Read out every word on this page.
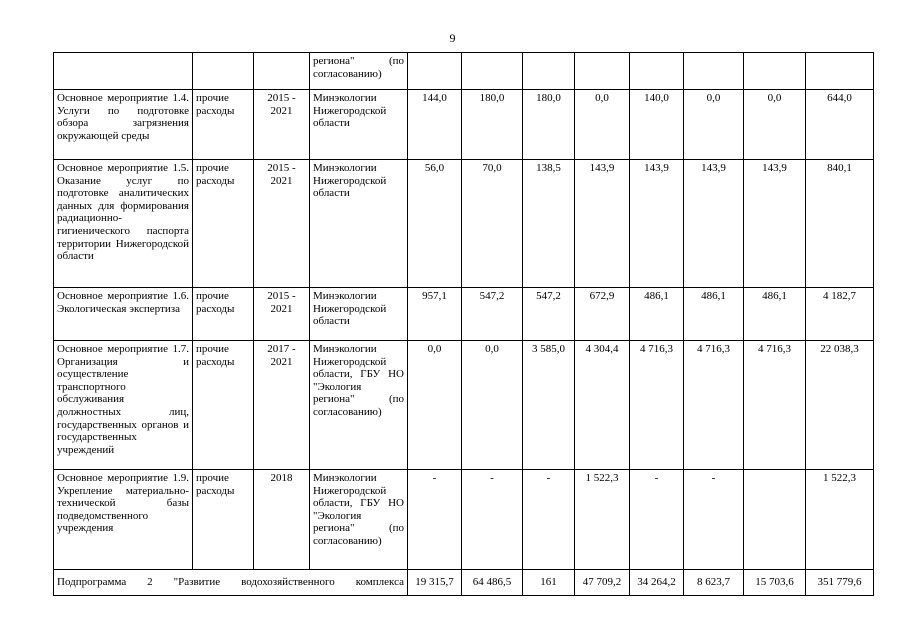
9
			региона" (по согласованию)								
Основное мероприятие 1.4. Услуги по подготовке обзора загрязнения окружающей среды	прочие расходы	2015 - 2021	Минэкологии Нижегородской области	144,0	180,0	180,0	0,0	140,0	0,0	0,0	644,0
Основное мероприятие 1.5. Оказание услуг по подготовке аналитических данных для формирования радиационно-гигиенического паспорта территории Нижегородской области	прочие расходы	2015 - 2021	Минэкологии Нижегородской области	56,0	70,0	138,5	143,9	143,9	143,9	143,9	840,1
Основное мероприятие 1.6. Экологическая экспертиза	прочие расходы	2015 - 2021	Минэкологии Нижегородской области	957,1	547,2	547,2	672,9	486,1	486,1	486,1	4 182,7
Основное мероприятие 1.7. Организация и осуществление транспортного обслуживания должностных лиц, государственных органов и государственных учреждений	прочие расходы	2017 - 2021	Минэкологии Нижегородской области, ГБУ НО "Экология региона" (по согласованию)	0,0	0,0	3 585,0	4 304,4	4 716,3	4 716,3	4 716,3	22 038,3
Основное мероприятие 1.9. Укрепление материально-технической базы подведомственного учреждения	прочие расходы	2018	Минэкологии Нижегородской области, ГБУ НО "Экология региона" (по согласованию)	-	-	-	1 522,3	-	-		1 522,3
Подпрограмма 2 "Развитие водохозяйственного комплекса				19 315,7	64 486,5	161	47 709,2	34 264,2	8 623,7	15 703,6	351 779,6
